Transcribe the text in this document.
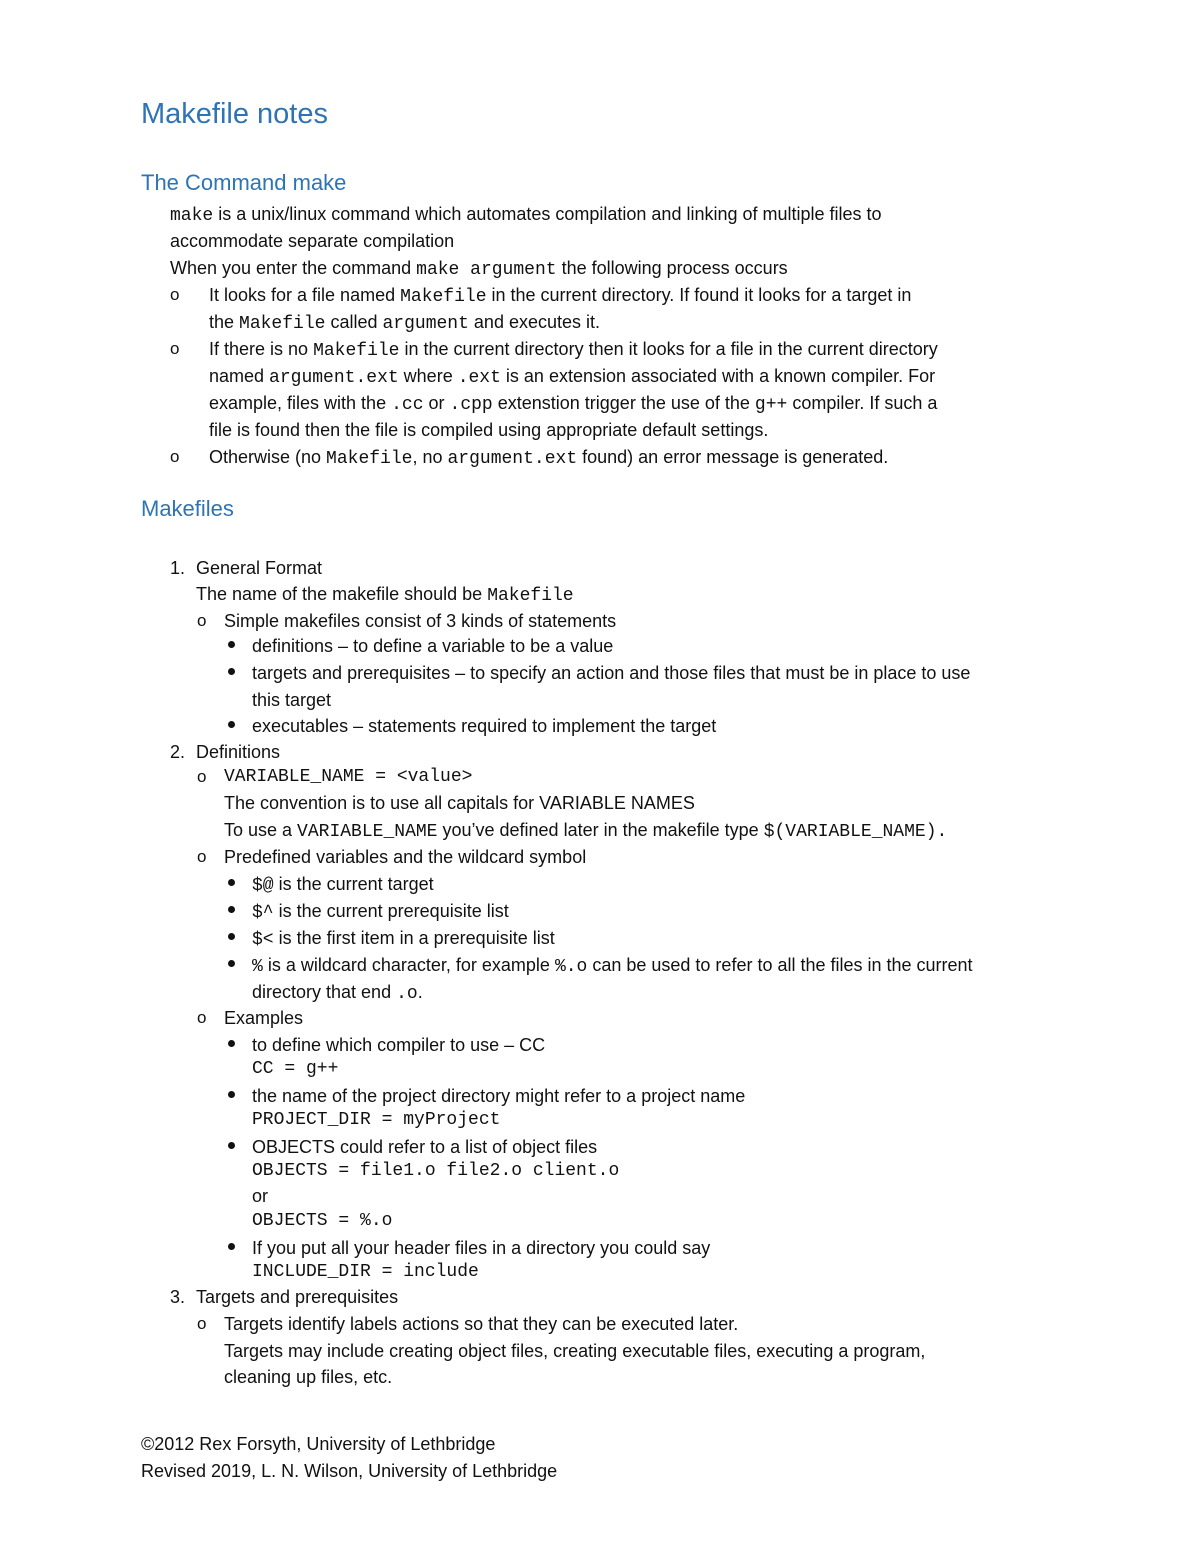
Makefile notes
The Command make
make is a unix/linux command which automates compilation and linking of multiple files to
accommodate separate compilation
When you enter the command make argument the following process occurs
o It looks for a file named Makefile in the current directory. If found it looks for a target in
the Makefile called argument and executes it.
o If there is no Makefile in the current directory then it looks for a file in the current directory
named argument.ext where .ext is an extension associated with a known compiler. For
example, files with the .cc or .cpp extenstion trigger the use of the g++ compiler. If such a
file is found then the file is compiled using appropriate default settings.
o Otherwise (no Makefile, no argument.ext found) an error message is generated.
Makefiles
1. General Format
The name of the makefile should be Makefile
o Simple makefiles consist of 3 kinds of statements
definitions – to define a variable to be a value
targets and prerequisites – to specify an action and those files that must be in place to use
this target
executables – statements required to implement the target
2. Definitions
o VARIABLE_NAME = <value>
The convention is to use all capitals for VARIABLE NAMES
To use a VARIABLE_NAME you’ve defined later in the makefile type $(VARIABLE_NAME).
o Predefined variables and the wildcard symbol
$@ is the current target
$^ is the current prerequisite list
$< is the first item in a prerequisite list
% is a wildcard character, for example %.o can be used to refer to all the files in the current
directory that end .o.
o Examples
to define which compiler to use – CC
CC = g++
the name of the project directory might refer to a project name
PROJECT_DIR = myProject
OBJECTS could refer to a list of object files
OBJECTS = file1.o file2.o client.o
or
OBJECTS = %.o
If you put all your header files in a directory you could say
INCLUDE_DIR = include
3. Targets and prerequisites
o Targets identify labels actions so that they can be executed later.
Targets may include creating object files, creating executable files, executing a program,
cleaning up files, etc.
©2012 Rex Forsyth, University of Lethbridge
Revised 2019, L. N. Wilson, University of Lethbridge
